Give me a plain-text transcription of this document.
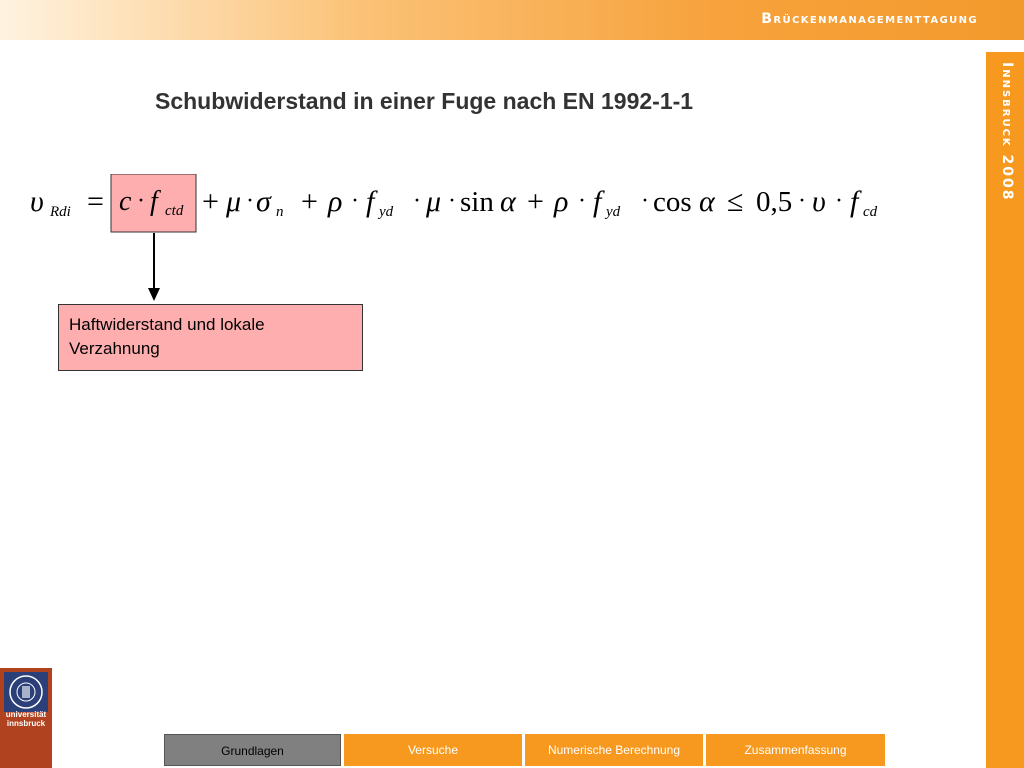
Brückenmanagementtagung
Innsbruck 2008
Schubwiderstand in einer Fuge nach EN 1992-1-1
υ Rdi = c · f ctd + μ · σ n + ρ · f yd · μ · sin α + ρ · f yd · cos α ≤ 0,5 · υ · f cd
Haftwiderstand und lokale Verzahnung
universität
innsbruck
Grundlagen	Versuche	Numerische Berechnung	Zusammenfassung
